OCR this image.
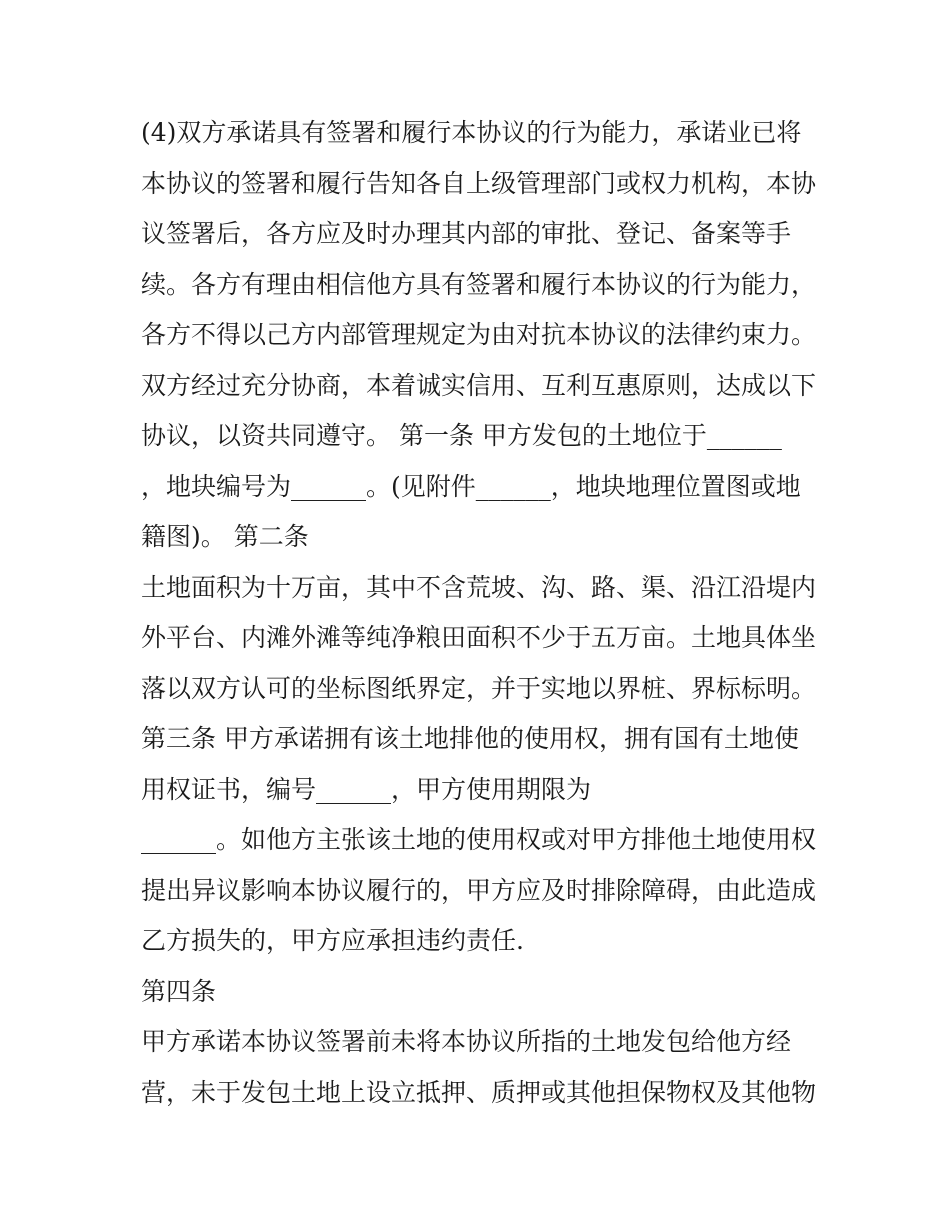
(4)双方承诺具有签署和履行本协议的行为能力，承诺业已将
本协议的签署和履行告知各自上级管理部门或权力机构，本协
议签署后，各方应及时办理其内部的审批、登记、备案等手
续。各方有理由相信他方具有签署和履行本协议的行为能力，
各方不得以己方内部管理规定为由对抗本协议的法律约束力。
双方经过充分协商，本着诚实信用、互利互惠原则，达成以下
协议，以资共同遵守。 第一条 甲方发包的土地位于______
，地块编号为______。(见附件______，地块地理位置图或地
籍图)。 第二条
土地面积为十万亩，其中不含荒坡、沟、路、渠、沿江沿堤内
外平台、内滩外滩等纯净粮田面积不少于五万亩。土地具体坐
落以双方认可的坐标图纸界定，并于实地以界桩、界标标明。
第三条 甲方承诺拥有该土地排他的使用权，拥有国有土地使
用权证书，编号______，甲方使用期限为
______。如他方主张该土地的使用权或对甲方排他土地使用权
提出异议影响本协议履行的，甲方应及时排除障碍，由此造成
乙方损失的，甲方应承担违约责任.
第四条
甲方承诺本协议签署前未将本协议所指的土地发包给他方经
营，未于发包土地上设立抵押、质押或其他担保物权及其他物
